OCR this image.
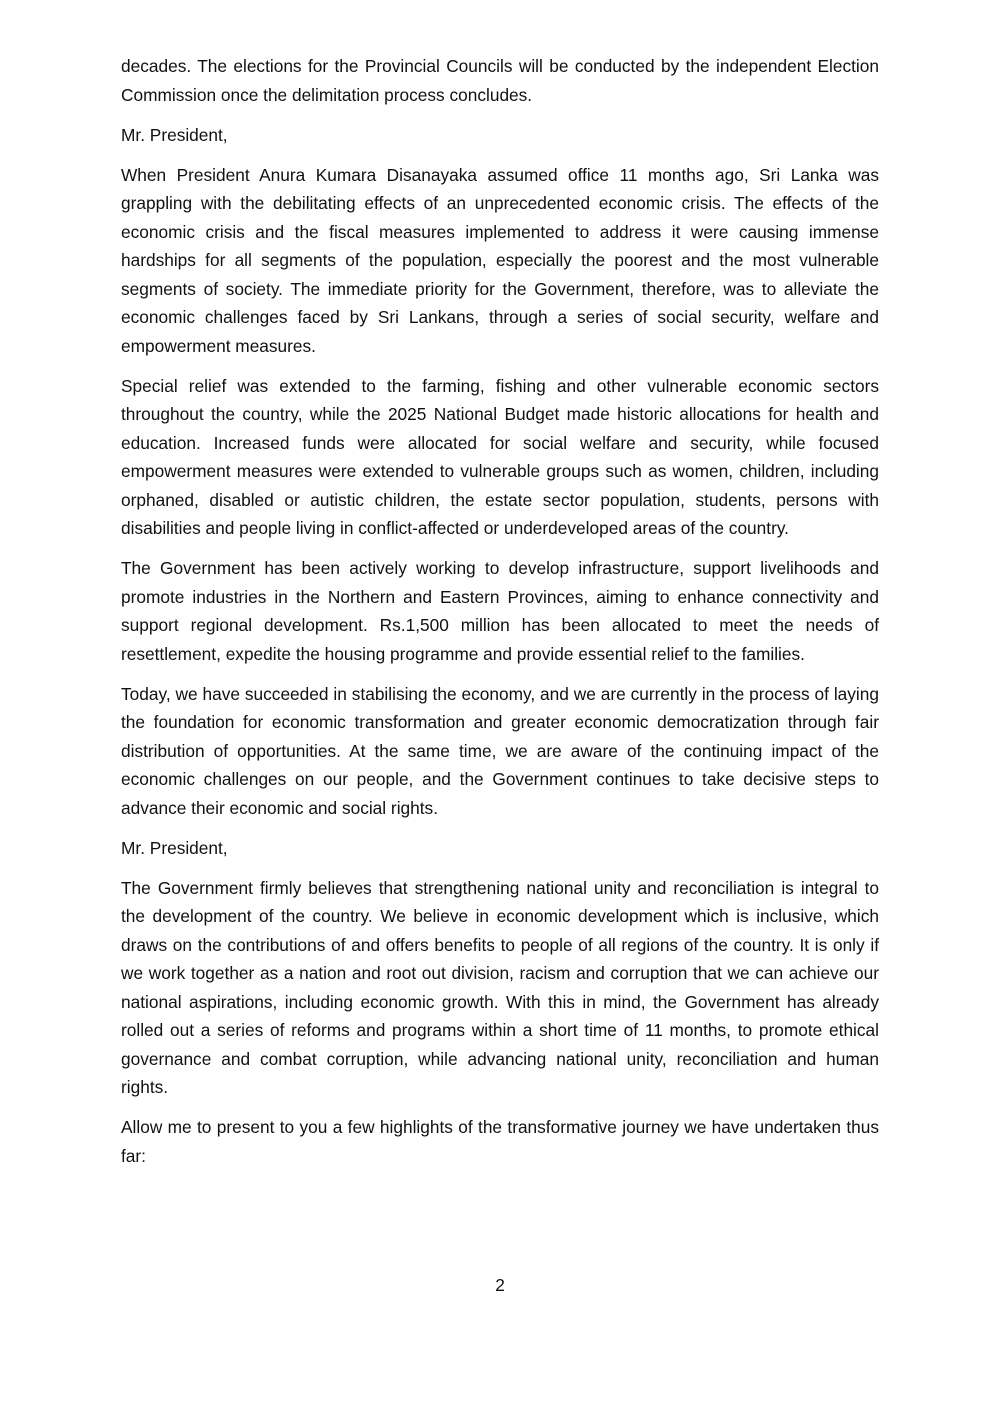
decades. The elections for the Provincial Councils will be conducted by the independent Election Commission once the delimitation process concludes.

Mr. President,

When President Anura Kumara Disanayaka assumed office 11 months ago, Sri Lanka was grappling with the debilitating effects of an unprecedented economic crisis. The effects of the economic crisis and the fiscal measures implemented to address it were causing immense hardships for all segments of the population, especially the poorest and the most vulnerable segments of society. The immediate priority for the Government, therefore, was to alleviate the economic challenges faced by Sri Lankans, through a series of social security, welfare and empowerment measures.

Special relief was extended to the farming, fishing and other vulnerable economic sectors throughout the country, while the 2025 National Budget made historic allocations for health and education. Increased funds were allocated for social welfare and security, while focused empowerment measures were extended to vulnerable groups such as women, children, including orphaned, disabled or autistic children, the estate sector population, students, persons with disabilities and people living in conflict-affected or underdeveloped areas of the country.

The Government has been actively working to develop infrastructure, support livelihoods and promote industries in the Northern and Eastern Provinces, aiming to enhance connectivity and support regional development. Rs.1,500 million has been allocated to meet the needs of resettlement, expedite the housing programme and provide essential relief to the families.

Today, we have succeeded in stabilising the economy, and we are currently in the process of laying the foundation for economic transformation and greater economic democratization through fair distribution of opportunities. At the same time, we are aware of the continuing impact of the economic challenges on our people, and the Government continues to take decisive steps to advance their economic and social rights.

Mr. President,

The Government firmly believes that strengthening national unity and reconciliation is integral to the development of the country. We believe in economic development which is inclusive, which draws on the contributions of and offers benefits to people of all regions of the country. It is only if we work together as a nation and root out division, racism and corruption that we can achieve our national aspirations, including economic growth. With this in mind, the Government has already rolled out a series of reforms and programs within a short time of 11 months, to promote ethical governance and combat corruption, while advancing national unity, reconciliation and human rights.

Allow me to present to you a few highlights of the transformative journey we have undertaken thus far:

2
